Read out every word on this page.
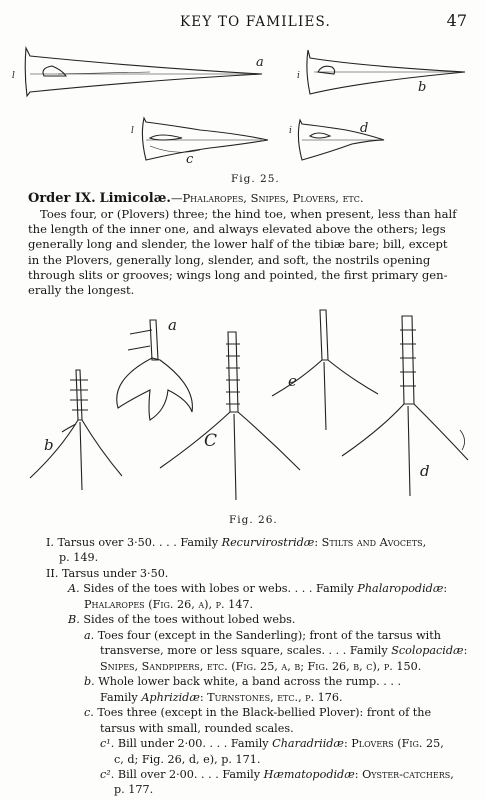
KEY TO FAMILIES.	47
a
b
c
d
l	i
l	i
Fig. 25.
Order IX. Limicolæ.—Phalaropes, Snipes, Plovers, etc.
Toes four, or (Plovers) three; the hind toe, when present, less than half
the length of the inner one, and always elevated above the others; legs
generally long and slender, the lower half of the tibiæ bare; bill, except
in the Plovers, generally long, slender, and soft, the nostrils opening
through slits or grooves; wings long and pointed, the first primary gen-
erally the longest.
a
b	C
d
e
Fig. 26.
I. Tarsus over 3·50. . . . Family Recurvirostridæ: Stilts and Avocets,
p. 149.
II. Tarsus under 3·50.
A. Sides of the toes with lobes or webs. . . . Family Phalaropodidæ:
Phalaropes (Fig. 26, a), p. 147.
B. Sides of the toes without lobed webs.
a. Toes four (except in the Sanderling); front of the tarsus with
transverse, more or less square, scales. . . . Family Scolopacidæ:
Snipes, Sandpipers, etc. (Fig. 25, a, b; Fig. 26, b, c), p. 150.
b. Whole lower back white, a band across the rump. . . .
Family Aphrizidæ: Turnstones, etc., p. 176.
c. Toes three (except in the Black-bellied Plover): front of the
tarsus with small, rounded scales.
c¹. Bill under 2·00. . . . Family Charadriidæ: Plovers (Fig. 25,
c, d; Fig. 26, d, e), p. 171.
c². Bill over 2·00. . . . Family Hæmatopodidæ: Oyster-catchers,
p. 177.
